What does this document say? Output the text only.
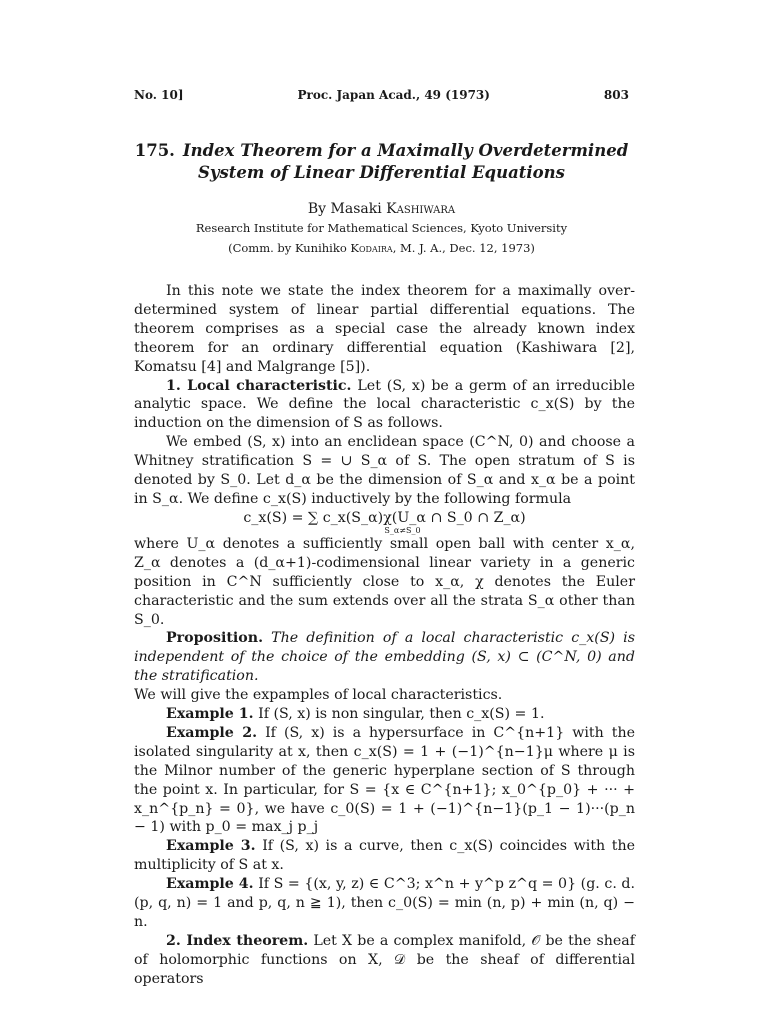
No. 10]	Proc. Japan Acad., 49 (1973)	803
175. Index Theorem for a Maximally Overdetermined
System of Linear Differential Equations
By Masaki Kashiwara
Research Institute for Mathematical Sciences, Kyoto University
(Comm. by Kunihiko Kodaira, M. J. A., Dec. 12, 1973)

In this note we state the index theorem for a maximally over-determined system of linear partial differential equations. The theorem comprises as a special case the already known index theorem for an ordinary differential equation (Kashiwara [2], Komatsu [4] and Malgrange [5]).

1. Local characteristic. Let (S, x) be a germ of an irreducible analytic space. We define the local characteristic c_x(S) by the induction on the dimension of S as follows.

We embed (S, x) into an enclidean space (C^N, 0) and choose a Whitney stratification S = ∪ S_α of S. The open stratum of S is denoted by S_0. Let d_α be the dimension of S_α and x_α be a point in S_α. We define c_x(S) inductively by the following formula

c_x(S) = ∑ c_x(S_α)χ(U_α ∩ S_0 ∩ Z_α)
S_α≠S_0

where U_α denotes a sufficiently small open ball with center x_α, Z_α denotes a (d_α+1)-codimensional linear variety in a generic position in C^N sufficiently close to x_α, χ denotes the Euler characteristic and the sum extends over all the strata S_α other than S_0.

Proposition. The definition of a local characteristic c_x(S) is independent of the choice of the embedding (S, x) ⊂ (C^N, 0) and the stratification.

We will give the expamples of local characteristics.

Example 1. If (S, x) is non singular, then c_x(S) = 1.

Example 2. If (S, x) is a hypersurface in C^{n+1} with the isolated singularity at x, then c_x(S) = 1 + (−1)^{n−1}μ where μ is the Milnor number of the generic hyperplane section of S through the point x. In particular, for S = {x ∈ C^{n+1}; x_0^{p_0} + ··· + x_n^{p_n} = 0}, we have c_0(S) = 1 + (−1)^{n−1}(p_1 − 1)···(p_n − 1) with p_0 = max_j p_j

Example 3. If (S, x) is a curve, then c_x(S) coincides with the multiplicity of S at x.

Example 4. If S = {(x, y, z) ∈ C^3; x^n + y^p z^q = 0} (g. c. d. (p, q, n) = 1 and p, q, n ≧ 1), then c_0(S) = min (n, p) + min (n, q) − n.

2. Index theorem. Let X be a complex manifold, 𝒪 be the sheaf of holomorphic functions on X, 𝒟 be the sheaf of differential operators
